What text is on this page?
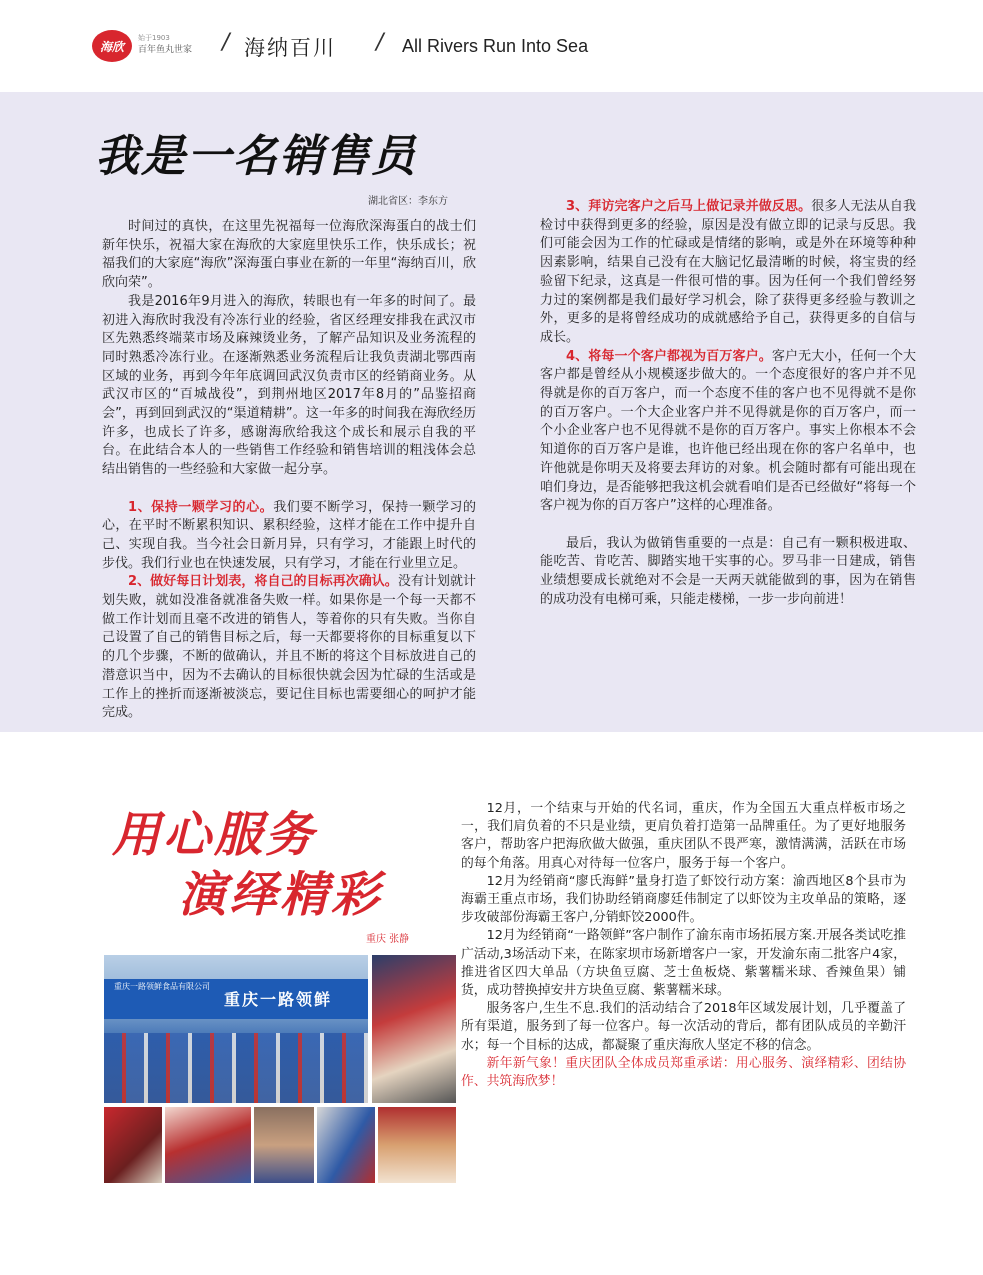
海欣
始于1903
百年鱼丸世家 / 海纳百川 / All Rivers Run Into Sea
我是一名销售员
湖北省区：李东方

时间过的真快，在这里先祝福每一位海欣深海蛋白的战士们新年快乐，祝福大家在海欣的大家庭里快乐工作，快乐成长；祝福我们的大家庭“海欣”深海蛋白事业在新的一年里“海纳百川，欣欣向荣”。

我是2016年9月进入的海欣，转眼也有一年多的时间了。最初进入海欣时我没有冷冻行业的经验，省区经理安排我在武汉市区先熟悉终端菜市场及麻辣烫业务，了解产品知识及业务流程的同时熟悉冷冻行业。在逐渐熟悉业务流程后让我负责湖北鄂西南区域的业务，再到今年年底调回武汉负责市区的经销商业务。从武汉市区的“百城战役”，到荆州地区2017年8月的”品鉴招商会”，再到回到武汉的“渠道精耕”。这一年多的时间我在海欣经历许多，也成长了许多，感谢海欣给我这个成长和展示自我的平台。在此结合本人的一些销售工作经验和销售培训的粗浅体会总结出销售的一些经验和大家做一起分享。

1、保持一颗学习的心。我们要不断学习，保持一颗学习的心，在平时不断累积知识、累积经验，这样才能在工作中提升自己、实现自我。当今社会日新月异，只有学习，才能跟上时代的步伐。我们行业也在快速发展，只有学习，才能在行业里立足。

2、做好每日计划表，将自己的目标再次确认。没有计划就计划失败，就如没准备就准备失败一样。如果你是一个每一天都不做工作计划而且毫不改进的销售人，等着你的只有失败。当你自己设置了自己的销售目标之后，每一天都要将你的目标重复以下的几个步骤，不断的做确认，并且不断的将这个目标放进自己的潜意识当中，因为不去确认的目标很快就会因为忙碌的生活或是工作上的挫折而逐渐被淡忘，要记住目标也需要细心的呵护才能完成。

3、拜访完客户之后马上做记录并做反思。很多人无法从自我检讨中获得到更多的经验，原因是没有做立即的记录与反思。我们可能会因为工作的忙碌或是情绪的影响，或是外在环境等种种因素影响，结果自己没有在大脑记忆最清晰的时候，将宝贵的经验留下纪录，这真是一件很可惜的事。因为任何一个我们曾经努力过的案例都是我们最好学习机会，除了获得更多经验与教训之外，更多的是将曾经成功的成就感给予自己，获得更多的自信与成长。

4、将每一个客户都视为百万客户。客户无大小，任何一个大客户都是曾经从小规模逐步做大的。一个态度很好的客户并不见得就是你的百万客户，而一个态度不佳的客户也不见得就不是你的百万客户。一个大企业客户并不见得就是你的百万客户，而一个小企业客户也不见得就不是你的百万客户。事实上你根本不会知道你的百万客户是谁，也许他已经出现在你的客户名单中，也许他就是你明天及将要去拜访的对象。机会随时都有可能出现在咱们身边，是否能够把我这机会就看咱们是否已经做好“将每一个客户视为你的百万客户”这样的心理准备。

最后，我认为做销售重要的一点是：自己有一颗积极进取、能吃苦、肯吃苦、脚踏实地干实事的心。罗马非一日建成，销售业绩想要成长就绝对不会是一天两天就能做到的事，因为在销售的成功没有电梯可乘，只能走楼梯，一步一步向前进！

用心服务
演绎精彩
重庆 张静

12月，一个结束与开始的代名词，重庆，作为全国五大重点样板市场之一，我们肩负着的不只是业绩，更肩负着打造第一品牌重任。为了更好地服务客户，帮助客户把海欣做大做强，重庆团队不畏严寒，激情满满，活跃在市场的每个角落。用真心对待每一位客户，服务于每一个客户。

12月为经销商“廖氏海鲜”量身打造了虾饺行动方案：渝西地区8个县市为海霸王重点市场，我们协助经销商廖廷伟制定了以虾饺为主攻单品的策略，逐步攻破部份海霸王客户,分销虾饺2000件。

12月为经销商“一路领鲜”客户制作了渝东南市场拓展方案.开展各类试吃推广活动,3场活动下来，在陈家坝市场新增客户一家，开发渝东南二批客户4家，推进省区四大单品（方块鱼豆腐、芝士鱼板烧、紫薯糯米球、香辣鱼果）铺货，成功替换掉安井方块鱼豆腐、紫薯糯米球。

服务客户,生生不息.我们的活动结合了2018年区域发展计划，几乎覆盖了所有渠道，服务到了每一位客户。每一次活动的背后，都有团队成员的辛勤汗水；每一个目标的达成，都凝聚了重庆海欣人坚定不移的信念。

新年新气象！重庆团队全体成员郑重承诺：用心服务、演绎精彩、团结协作、共筑海欣梦！

重庆一路领鲜
重庆一路领鲜食品有限公司
